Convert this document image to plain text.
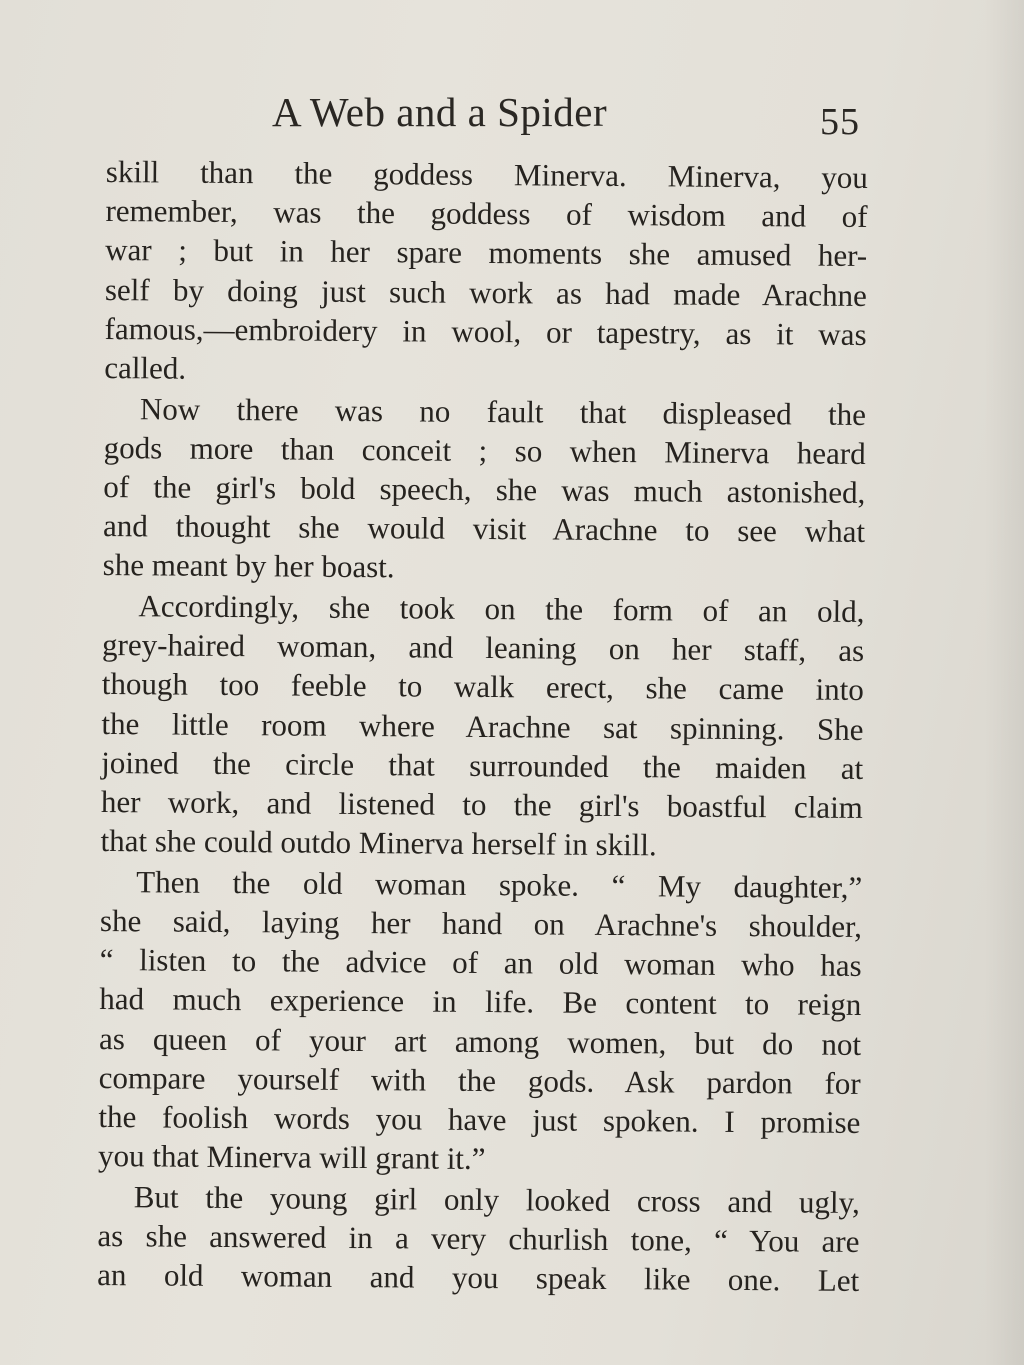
A Web and a Spider	55
skill than the goddess Minerva. Minerva, you
remember, was the goddess of wisdom and of
war ; but in her spare moments she amused her-
self by doing just such work as had made Arachne
famous,—embroidery in wool, or tapestry, as it was
called.
Now there was no fault that displeased the
gods more than conceit ; so when Minerva heard
of the girl's bold speech, she was much astonished,
and thought she would visit Arachne to see what
she meant by her boast.
Accordingly, she took on the form of an old,
grey-haired woman, and leaning on her staff, as
though too feeble to walk erect, she came into
the little room where Arachne sat spinning. She
joined the circle that surrounded the maiden at
her work, and listened to the girl's boastful claim
that she could outdo Minerva herself in skill.
Then the old woman spoke. “ My daughter,”
she said, laying her hand on Arachne's shoulder,
“ listen to the advice of an old woman who has
had much experience in life. Be content to reign
as queen of your art among women, but do not
compare yourself with the gods. Ask pardon for
the foolish words you have just spoken. I promise
you that Minerva will grant it.”
But the young girl only looked cross and ugly,
as she answered in a very churlish tone, “ You are
an old woman and you speak like one. Let
